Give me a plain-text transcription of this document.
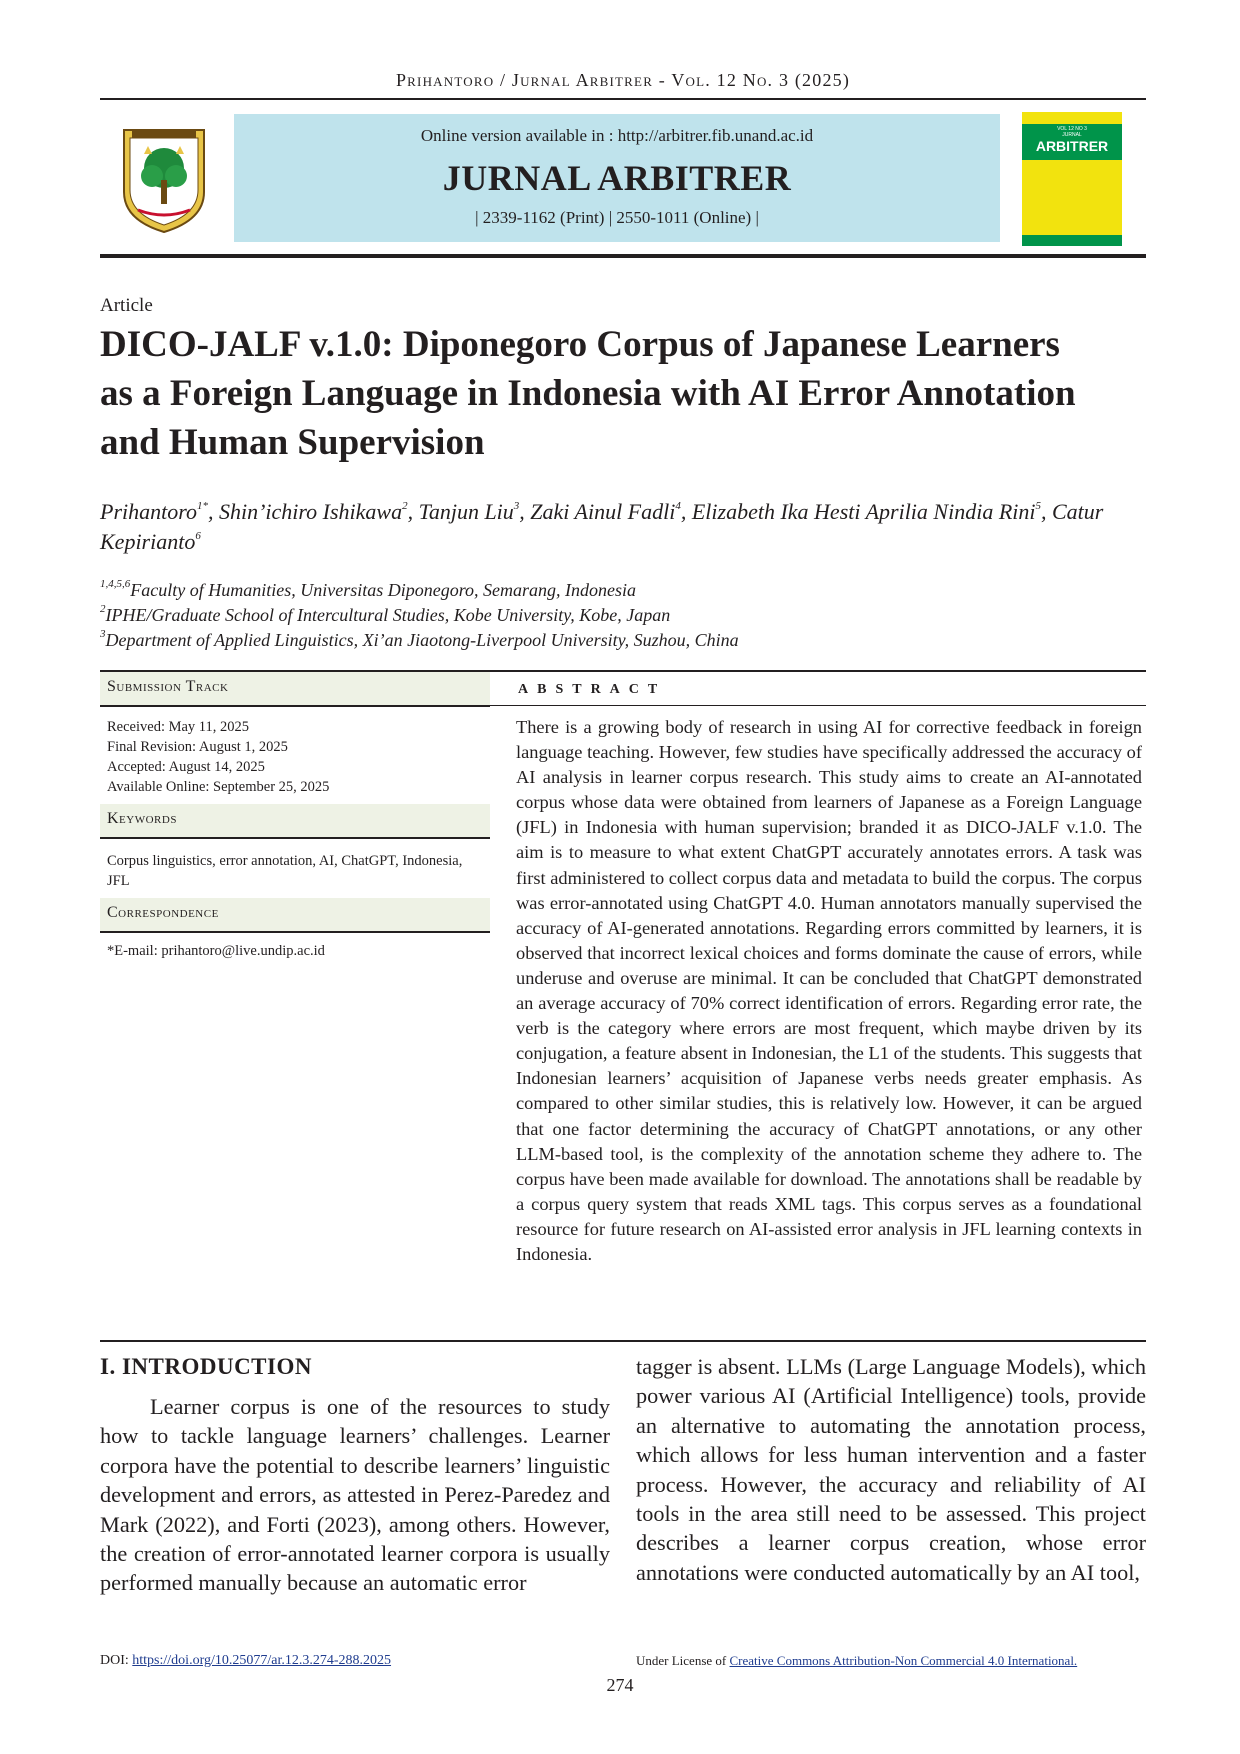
Prihantoro / Jurnal Arbitrer - Vol. 12 No. 3 (2025)
Online version available in : http://arbitrer.fib.unand.ac.id
JURNAL ARBITRER
| 2339-1162 (Print) | 2550-1011 (Online) |
VOL 12 NO 3
JURNAL
ARBITRER
Article
DICO-JALF v.1.0: Diponegoro Corpus of Japanese Learners as a Foreign Language in Indonesia with AI Error Annotation and Human Supervision
Prihantoro$^{1*}$, Shin’ichiro Ishikawa$^2$, Tanjun Liu$^3$, Zaki Ainul Fadli$^4$, Elizabeth Ika Hesti Aprilia Nindia Rini$^5$, Catur Kepirianto$^6$
$^{1,4,5,6}$Faculty of Humanities, Universitas Diponegoro, Semarang, Indonesia
$^2$IPHE/Graduate School of Intercultural Studies, Kobe University, Kobe, Japan
$^3$Department of Applied Linguistics, Xi’an Jiaotong-Liverpool University, Suzhou, China
Submission Track
Received: May 11, 2025
Final Revision: August 1, 2025
Accepted: August 14, 2025
Available Online: September 25, 2025
Keywords
Corpus linguistics, error annotation, AI, ChatGPT, Indonesia, JFL
Correspondence
*E-mail: prihantoro@live.undip.ac.id
ABSTRACT

There is a growing body of research in using AI for corrective feedback in foreign language teaching. However, few studies have specifically addressed the accuracy of AI analysis in learner corpus research. This study aims to create an AI-annotated corpus whose data were obtained from learners of Japanese as a Foreign Language (JFL) in Indonesia with human supervision; branded it as DICO-JALF v.1.0. The aim is to measure to what extent ChatGPT accurately annotates errors. A task was first administered to collect corpus data and metadata to build the corpus. The corpus was error-annotated using ChatGPT 4.0. Human annotators manually supervised the accuracy of AI-generated annotations. Regarding errors committed by learners, it is observed that incorrect lexical choices and forms dominate the cause of errors, while underuse and overuse are minimal. It can be concluded that ChatGPT demonstrated an average accuracy of 70% correct identification of errors. Regarding error rate, the verb is the category where errors are most frequent, which maybe driven by its conjugation, a feature absent in Indonesian, the L1 of the students. This suggests that Indonesian learners’ acquisition of Japanese verbs needs greater emphasis. As compared to other similar studies, this is relatively low. However, it can be argued that one factor determining the accuracy of ChatGPT annotations, or any other LLM-based tool, is the complexity of the annotation scheme they adhere to. The corpus have been made available for download. The annotations shall be readable by a corpus query system that reads XML tags. This corpus serves as a foundational resource for future research on AI-assisted error analysis in JFL learning contexts in Indonesia.

I. INTRODUCTION

Learner corpus is one of the resources to study how to tackle language learners’ challenges. Learner corpora have the potential to describe learners’ linguistic development and errors, as attested in Perez-Paredez and Mark (2022), and Forti (2023), among others. However, the creation of error-annotated learner corpora is usually performed manually because an automatic error

tagger is absent. LLMs (Large Language Models), which power various AI (Artificial Intelligence) tools, provide an alternative to automating the annotation process, which allows for less human intervention and a faster process. However, the accuracy and reliability of AI tools in the area still need to be assessed. This project describes a learner corpus creation, whose error annotations were conducted automatically by an AI tool,

DOI: https://doi.org/10.25077/ar.12.3.274-288.2025	Under License of Creative Commons Attribution-Non Commercial 4.0 International.
274
